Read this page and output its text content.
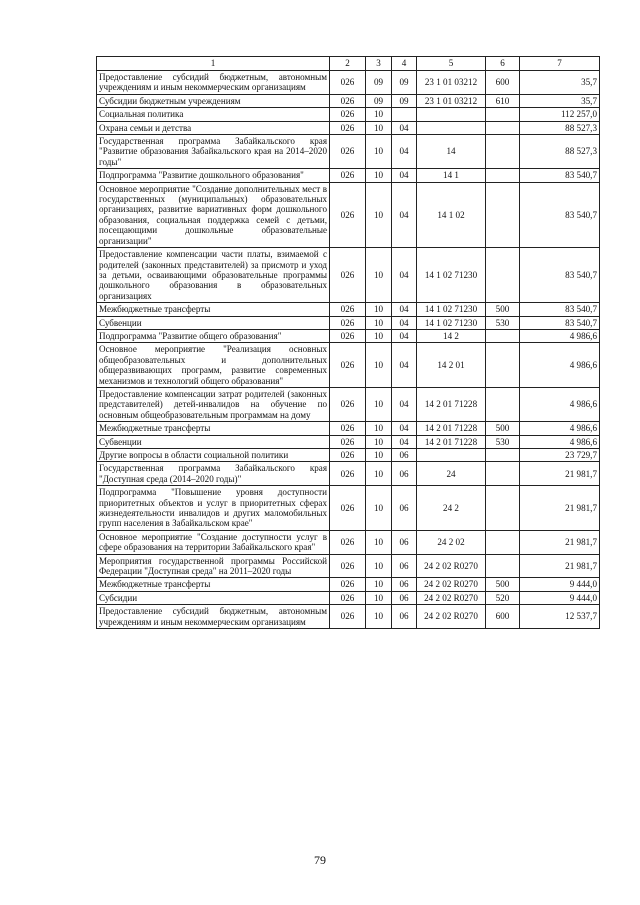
1	2	3	4	5	6	7
Предоставление субсидий бюджетным, автономным учреждениям и иным некоммерческим организациям	026	09	09	23 1 01 03212	600	35,7
Субсидии бюджетным учреждениям	026	09	09	23 1 01 03212	610	35,7
Социальная политика	026	10				112 257,0
Охрана семьи и детства	026	10	04			88 527,3
Государственная программа Забайкальского края "Развитие образования Забайкальского края на 2014–2020 годы"	026	10	04	14		88 527,3
Подпрограмма "Развитие дошкольного образования"	026	10	04	14 1		83 540,7
Основное мероприятие "Создание дополнительных мест в государственных (муниципальных) образовательных организациях, развитие вариативных форм дошкольного образования, социальная поддержка семей с детьми, посещающими дошкольные образовательные организации"	026	10	04	14 1 02		83 540,7
Предоставление компенсации части платы, взимаемой с родителей (законных представителей) за присмотр и уход за детьми, осваивающими образовательные программы дошкольного образования в образовательных организациях	026	10	04	14 1 02 71230		83 540,7
Межбюджетные трансферты	026	10	04	14 1 02 71230	500	83 540,7
Субвенции	026	10	04	14 1 02 71230	530	83 540,7
Подпрограмма "Развитие общего образования"	026	10	04	14 2		4 986,6
Основное мероприятие "Реализация основных общеобразовательных и дополнительных общеразвивающих программ, развитие современных механизмов и технологий общего образования"	026	10	04	14 2 01		4 986,6
Предоставление компенсации затрат родителей (законных представителей) детей-инвалидов на обучение по основным общеобразовательным программам на дому	026	10	04	14 2 01 71228		4 986,6
Межбюджетные трансферты	026	10	04	14 2 01 71228	500	4 986,6
Субвенции	026	10	04	14 2 01 71228	530	4 986,6
Другие вопросы в области социальной политики	026	10	06			23 729,7
Государственная программа Забайкальского края "Доступная среда (2014–2020 годы)"	026	10	06	24		21 981,7
Подпрограмма "Повышение уровня доступности приоритетных объектов и услуг в приоритетных сферах жизнедеятельности инвалидов и других маломобильных групп населения в Забайкальском крае"	026	10	06	24 2		21 981,7
Основное мероприятие "Создание доступности услуг в сфере образования на территории Забайкальского края"	026	10	06	24 2 02		21 981,7
Мероприятия государственной программы Российской Федерации "Доступная среда" на 2011–2020 годы	026	10	06	24 2 02 R0270		21 981,7
Межбюджетные трансферты	026	10	06	24 2 02 R0270	500	9 444,0
Субсидии	026	10	06	24 2 02 R0270	520	9 444,0
Предоставление субсидий бюджетным, автономным учреждениям и иным некоммерческим организациям	026	10	06	24 2 02 R0270	600	12 537,7
79
